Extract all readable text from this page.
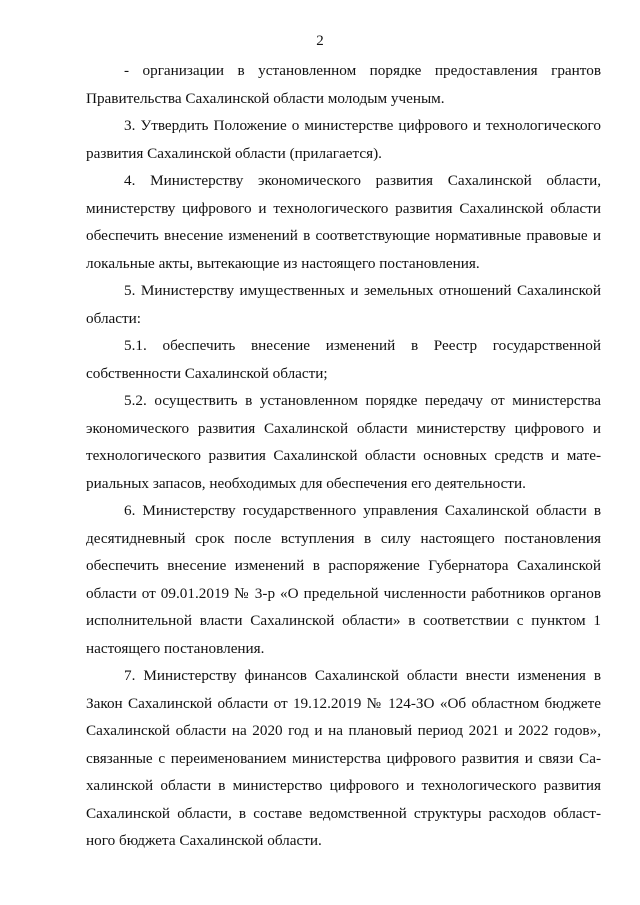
2

- организации в установленном порядке предоставления грантов Правительства Сахалинской области молодым ученым.

3. Утвердить Положение о министерстве цифрового и технологического развития Сахалинской области (прилагается).

4. Министерству экономического развития Сахалинской области, министерству цифрового и технологического развития Сахалинской области обеспечить внесение изменений в соответствующие нормативные правовые и локальные акты, вытекающие из настоящего постановления.

5. Министерству имущественных и земельных отношений Сахалинской области:

5.1. обеспечить внесение изменений в Реестр государственной собственности Сахалинской области;

5.2. осуществить в установленном порядке передачу от министерства экономического развития Сахалинской области министерству цифрового и технологического развития Сахалинской области основных средств и материальных запасов, необходимых для обеспечения его деятельности.

6. Министерству государственного управления Сахалинской области в десятидневный срок после вступления в силу настоящего постановления обеспечить внесение изменений в распоряжение Губернатора Сахалинской области от 09.01.2019 № 3-р «О предельной численности работников органов исполнительной власти Сахалинской области» в соответствии с пунктом 1 настоящего постановления.

7. Министерству финансов Сахалинской области внести изменения в Закон Сахалинской области от 19.12.2019 № 124-ЗО «Об областном бюджете Сахалинской области на 2020 год и на плановый период 2021 и 2022 годов», связанные с переименованием министерства цифрового развития и связи Сахалинской области в министерство цифрового и технологического развития Сахалинской области, в составе ведомственной структуры расходов областного бюджета Сахалинской области.
